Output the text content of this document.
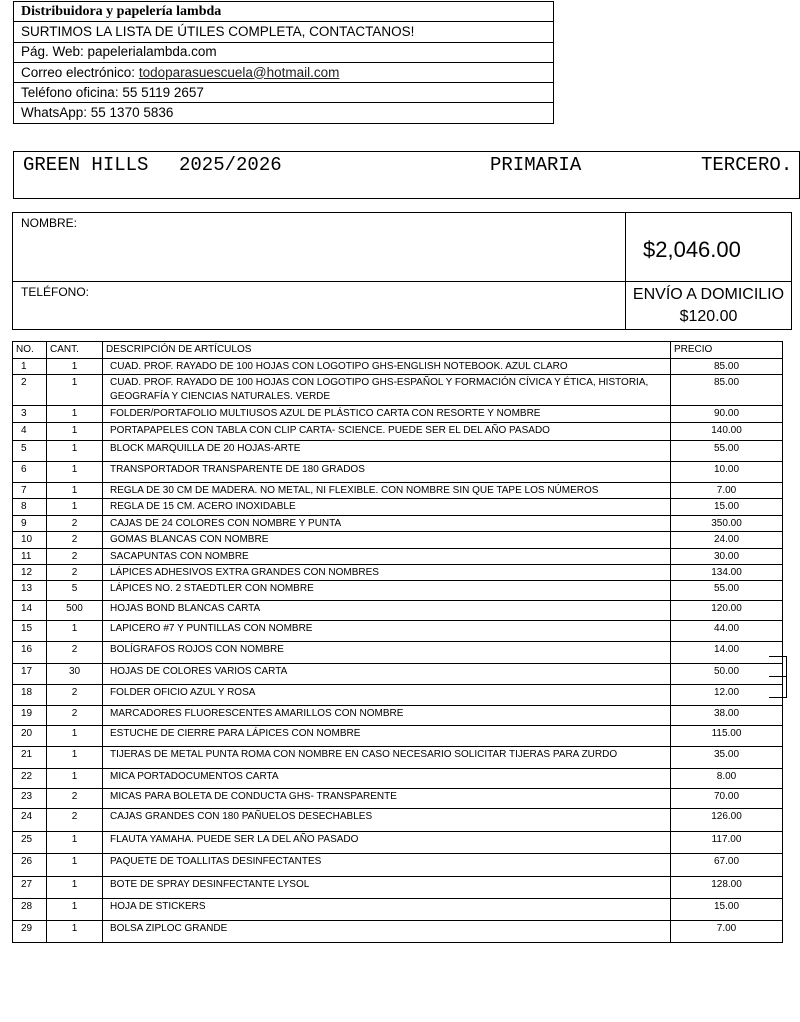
Distribuidora y papelería lambda
SURTIMOS LA LISTA DE ÚTILES COMPLETA, CONTACTANOS!
Pág. Web: papelerialambda.com
Correo electrónico: todoparasuescuela@hotmail.com
Teléfono oficina: 55 5119 2657
WhatsApp: 55 1370 5836
GREEN HILLS 2025/2026	PRIMARIA	TERCERO.
NOMBRE:	$2,046.00
TELÉFONO:	ENVÍO A DOMICILIO
$120.00
NO.	CANT.	DESCRIPCIÓN DE ARTÍCULOS	PRECIO
1	1	CUAD. PROF. RAYADO DE 100 HOJAS CON LOGOTIPO GHS-ENGLISH NOTEBOOK. AZUL CLARO	85.00
2	1	CUAD. PROF. RAYADO DE 100 HOJAS CON LOGOTIPO GHS-ESPAÑOL Y FORMACIÓN CÍVICA Y ÉTICA, HISTORIA, GEOGRAFÍA Y CIENCIAS NATURALES. VERDE	85.00
3	1	FOLDER/PORTAFOLIO MULTIUSOS AZUL DE PLÁSTICO CARTA CON RESORTE Y NOMBRE	90.00
4	1	PORTAPAPELES CON TABLA CON CLIP CARTA- SCIENCE. PUEDE SER EL DEL AÑO PASADO	140.00
5	1	BLOCK MARQUILLA DE 20 HOJAS-ARTE	55.00
6	1	TRANSPORTADOR TRANSPARENTE DE 180 GRADOS	10.00
7	1	REGLA DE 30 CM DE MADERA. NO METAL, NI FLEXIBLE. CON NOMBRE SIN QUE TAPE LOS NÚMEROS	7.00
8	1	REGLA DE 15 CM. ACERO INOXIDABLE	15.00
9	2	CAJAS DE 24 COLORES CON NOMBRE Y PUNTA	350.00
10	2	GOMAS BLANCAS CON NOMBRE	24.00
11	2	SACAPUNTAS CON NOMBRE	30.00
12	2	LÁPICES ADHESIVOS EXTRA GRANDES CON NOMBRES	134.00
13	5	LÁPICES NO. 2 STAEDTLER CON NOMBRE	55.00
14	500	HOJAS BOND BLANCAS CARTA	120.00
15	1	LAPICERO #7 Y PUNTILLAS CON NOMBRE	44.00
16	2	BOLÍGRAFOS ROJOS CON NOMBRE	14.00
17	30	HOJAS DE COLORES VARIOS CARTA	50.00
18	2	FOLDER OFICIO AZUL Y ROSA	12.00
19	2	MARCADORES FLUORESCENTES AMARILLOS CON NOMBRE	38.00
20	1	ESTUCHE DE CIERRE PARA LÁPICES CON NOMBRE	115.00
21	1	TIJERAS DE METAL PUNTA ROMA CON NOMBRE EN CASO NECESARIO SOLICITAR TIJERAS PARA ZURDO	35.00
22	1	MICA PORTADOCUMENTOS CARTA	8.00
23	2	MICAS PARA BOLETA DE CONDUCTA GHS- TRANSPARENTE	70.00
24	2	CAJAS GRANDES CON 180 PAÑUELOS DESECHABLES	126.00
25	1	FLAUTA YAMAHA. PUEDE SER LA DEL AÑO PASADO	117.00
26	1	PAQUETE DE TOALLITAS DESINFECTANTES	67.00
27	1	BOTE DE SPRAY DESINFECTANTE LYSOL	128.00
28	1	HOJA DE STICKERS	15.00
29	1	BOLSA ZIPLOC GRANDE	7.00
